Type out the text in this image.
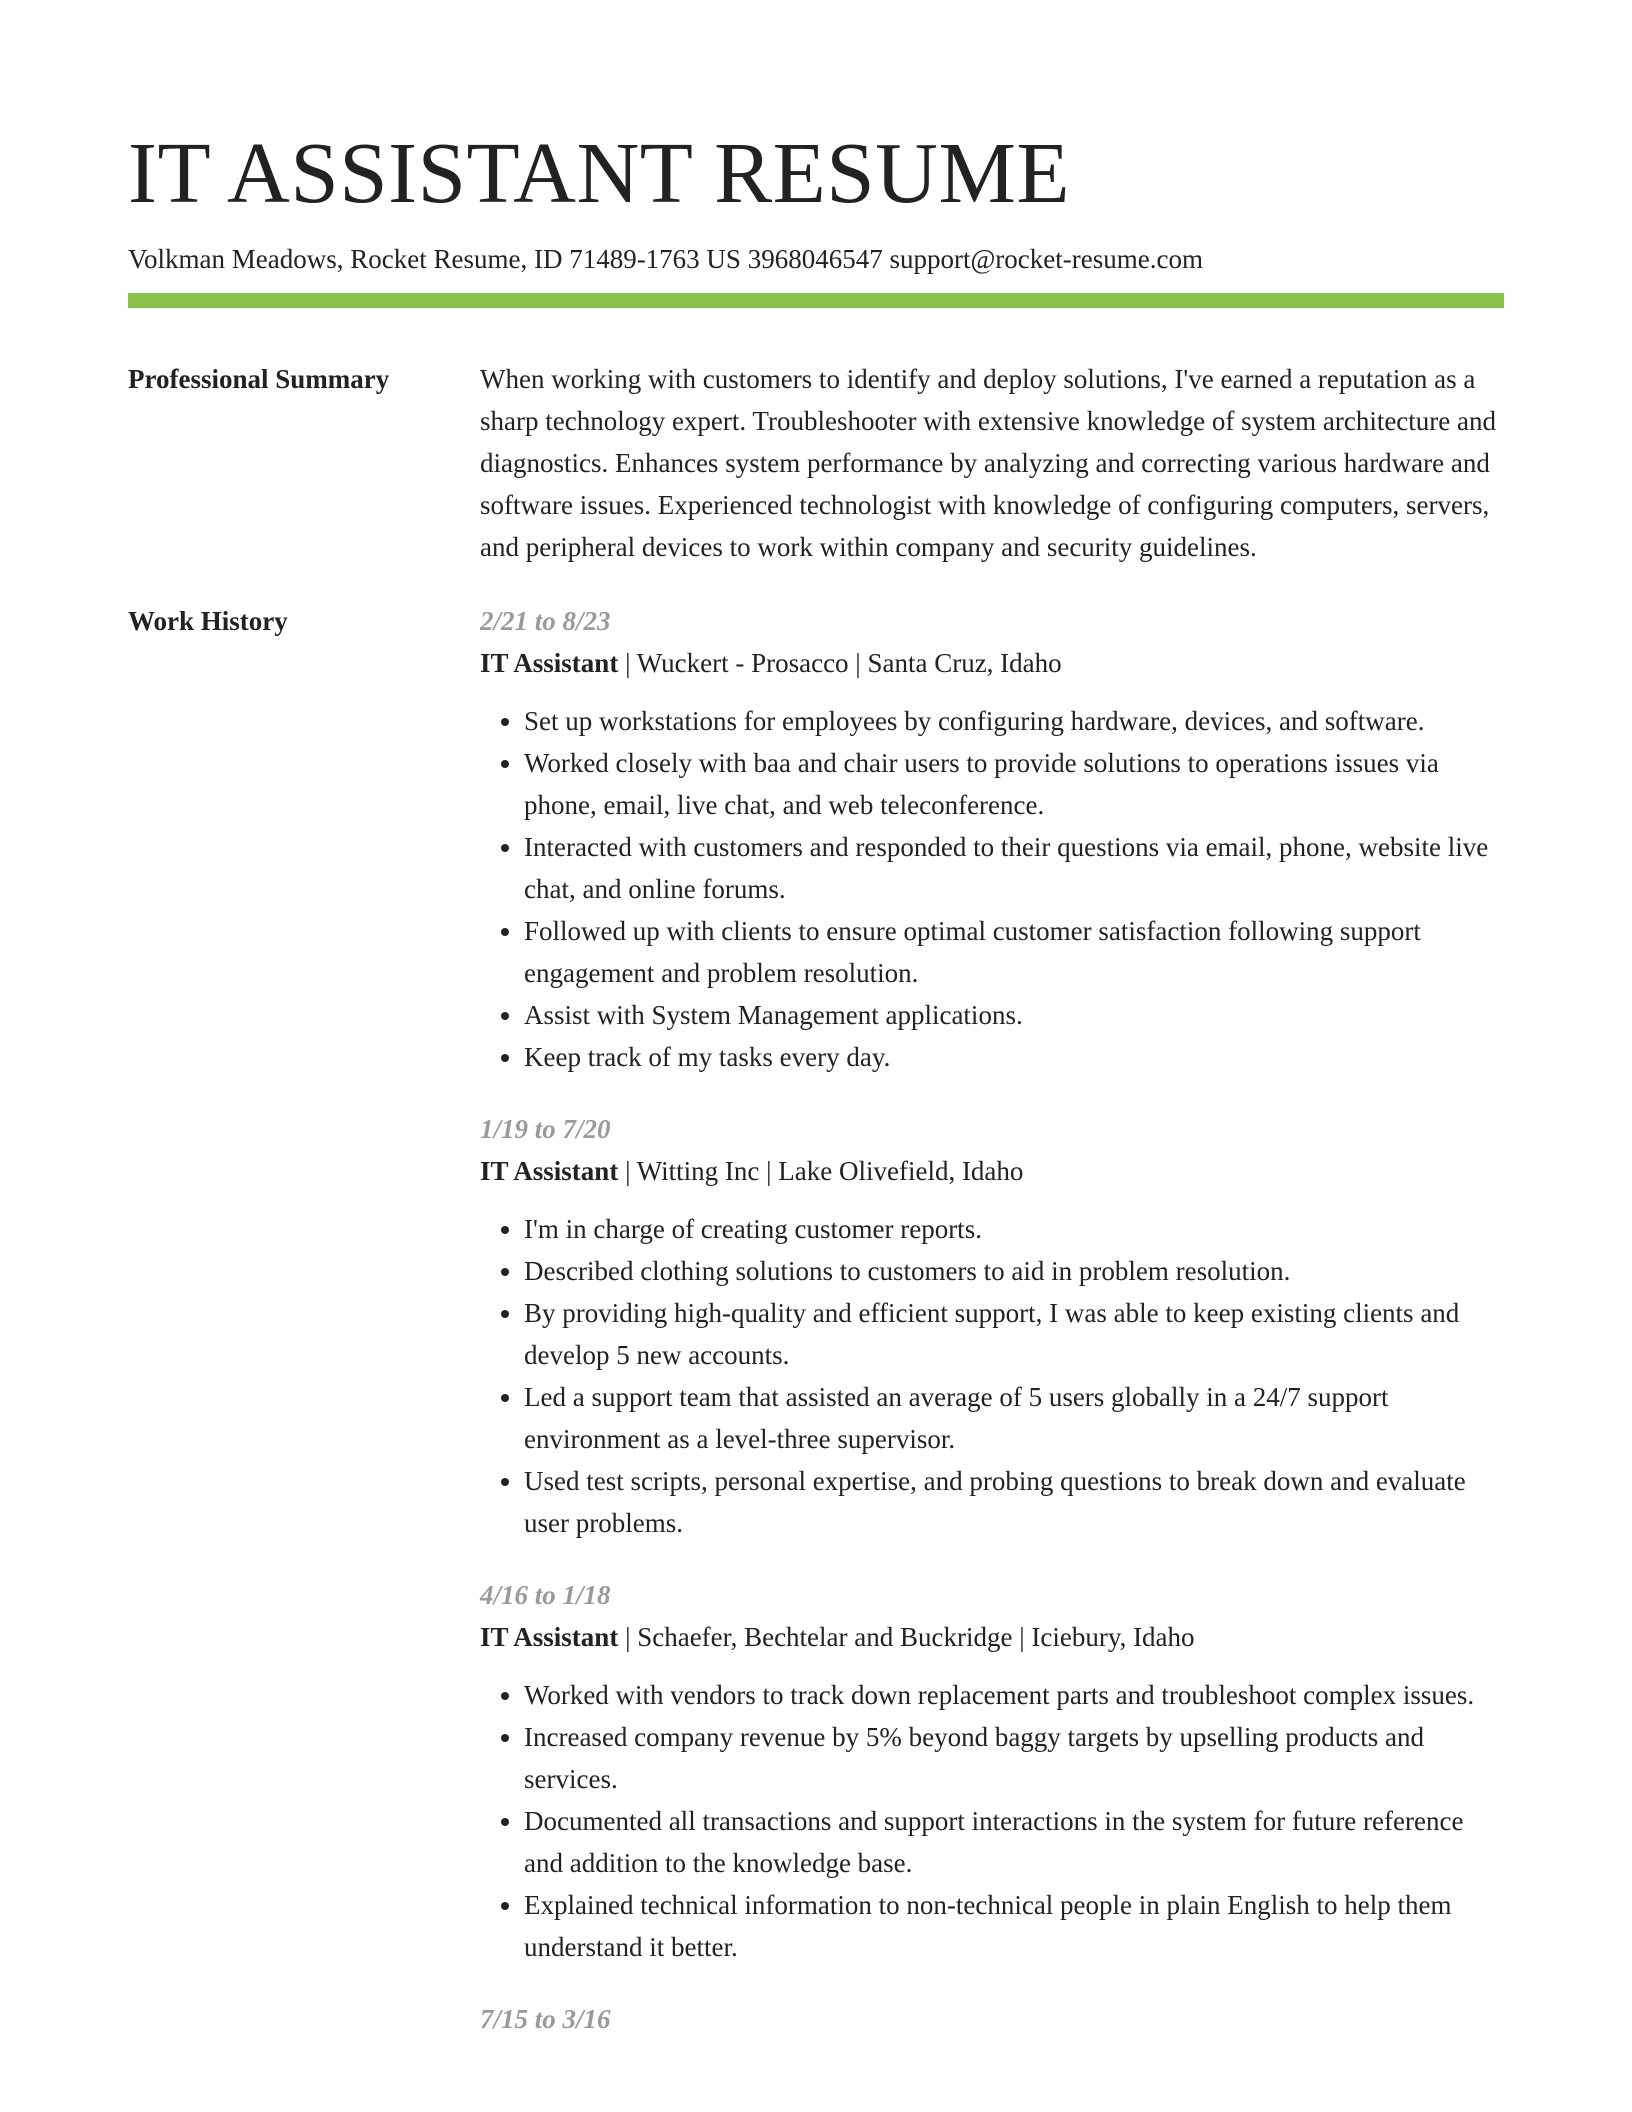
IT ASSISTANT RESUME
Volkman Meadows, Rocket Resume, ID 71489-1763 US 3968046547 support@rocket-resume.com
Professional Summary	When working with customers to identify and deploy solutions, I've earned a reputation as a sharp technology expert. Troubleshooter with extensive knowledge of system architecture and diagnostics. Enhances system performance by analyzing and correcting various hardware and software issues. Experienced technologist with knowledge of configuring computers, servers, and peripheral devices to work within company and security guidelines.
Work History	2/21 to 8/23
IT Assistant | Wuckert - Prosacco | Santa Cruz, Idaho
• Set up workstations for employees by configuring hardware, devices, and software.
• Worked closely with baa and chair users to provide solutions to operations issues via phone, email, live chat, and web teleconference.
• Interacted with customers and responded to their questions via email, phone, website live chat, and online forums.
• Followed up with clients to ensure optimal customer satisfaction following support engagement and problem resolution.
• Assist with System Management applications.
• Keep track of my tasks every day.
1/19 to 7/20
IT Assistant | Witting Inc | Lake Olivefield, Idaho
• I'm in charge of creating customer reports.
• Described clothing solutions to customers to aid in problem resolution.
• By providing high-quality and efficient support, I was able to keep existing clients and develop 5 new accounts.
• Led a support team that assisted an average of 5 users globally in a 24/7 support environment as a level-three supervisor.
• Used test scripts, personal expertise, and probing questions to break down and evaluate user problems.
4/16 to 1/18
IT Assistant | Schaefer, Bechtelar and Buckridge | Iciebury, Idaho
• Worked with vendors to track down replacement parts and troubleshoot complex issues.
• Increased company revenue by 5% beyond baggy targets by upselling products and services.
• Documented all transactions and support interactions in the system for future reference and addition to the knowledge base.
• Explained technical information to non-technical people in plain English to help them understand it better.
7/15 to 3/16
